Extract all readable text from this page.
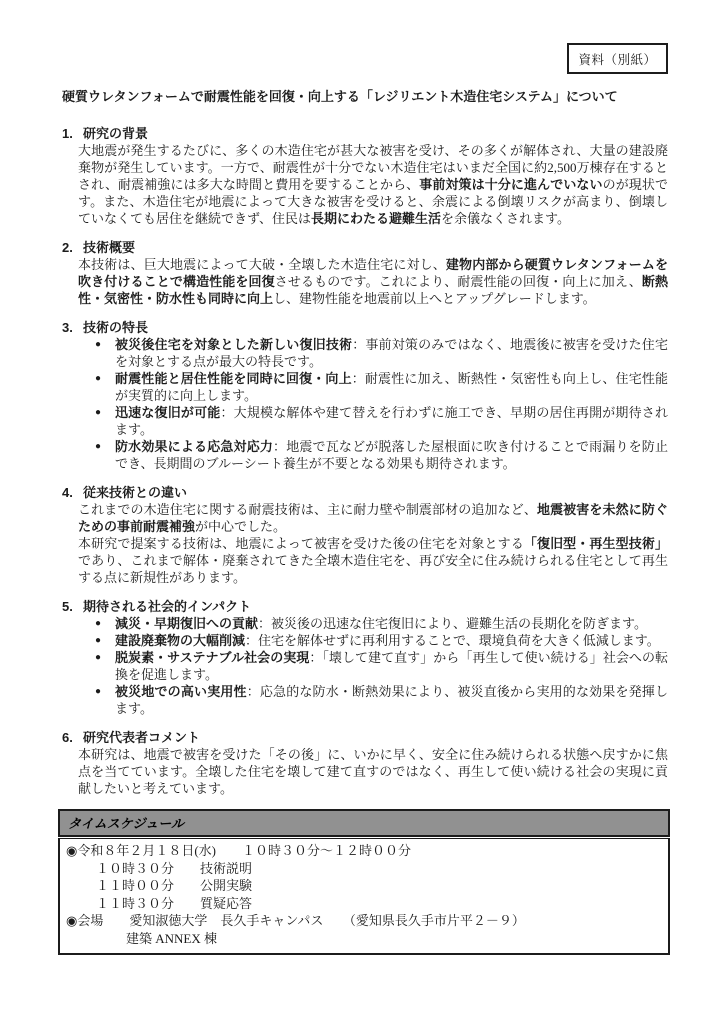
資料（別紙）
硬質ウレタンフォームで耐震性能を回復・向上する「レジリエント木造住宅システム」について
1. 研究の背景
大地震が発生するたびに、多くの木造住宅が甚大な被害を受け、その多くが解体され、大量の建設廃棄物が発生しています。一方で、耐震性が十分でない木造住宅はいまだ全国に約2,500万棟存在するとされ、耐震補強には多大な時間と費用を要することから、事前対策は十分に進んでいないのが現状です。また、木造住宅が地震によって大きな被害を受けると、余震による倒壊リスクが高まり、倒壊していなくても居住を継続できず、住民は長期にわたる避難生活を余儀なくされます。
2. 技術概要
本技術は、巨大地震によって大破・全壊した木造住宅に対し、建物内部から硬質ウレタンフォームを吹き付けることで構造性能を回復させるものです。これにより、耐震性能の回復・向上に加え、断熱性・気密性・防水性も同時に向上し、建物性能を地震前以上へとアップグレードします。
3. 技術の特長
● 被災後住宅を対象とした新しい復旧技術：事前対策のみではなく、地震後に被害を受けた住宅を対象とする点が最大の特長です。
● 耐震性能と居住性能を同時に回復・向上：耐震性に加え、断熱性・気密性も向上し、住宅性能が実質的に向上します。
● 迅速な復旧が可能：大規模な解体や建て替えを行わずに施工でき、早期の居住再開が期待されます。
● 防水効果による応急対応力：地震で瓦などが脱落した屋根面に吹き付けることで雨漏りを防止でき、長期間のブルーシート養生が不要となる効果も期待されます。
4. 従来技術との違い
これまでの木造住宅に関する耐震技術は、主に耐力壁や制震部材の追加など、地震被害を未然に防ぐための事前耐震補強が中心でした。
本研究で提案する技術は、地震によって被害を受けた後の住宅を対象とする「復旧型・再生型技術」であり、これまで解体・廃棄されてきた全壊木造住宅を、再び安全に住み続けられる住宅として再生する点に新規性があります。
5. 期待される社会的インパクト
● 減災・早期復旧への貢献：被災後の迅速な住宅復旧により、避難生活の長期化を防ぎます。
● 建設廃棄物の大幅削減：住宅を解体せずに再利用することで、環境負荷を大きく低減します。
● 脱炭素・サステナブル社会の実現：「壊して建て直す」から「再生して使い続ける」社会への転換を促進します。
● 被災地での高い実用性：応急的な防水・断熱効果により、被災直後から実用的な効果を発揮します。
6. 研究代表者コメント
本研究は、地震で被害を受けた「その後」に、いかに早く、安全に住み続けられる状態へ戻すかに焦点を当てています。全壊した住宅を壊して建て直すのではなく、再生して使い続ける社会の実現に貢献したいと考えています。
タイムスケジュール
◉令和８年２月１８日(水)　　１０時３０分～１２時００分
１０時３０分　　技術説明
１１時００分　　公開実験
１１時３０分　　質疑応答
◉会場　　愛知淑徳大学　長久手キャンパス　　（愛知県長久手市片平２－９）
建築 ANNEX 棟
